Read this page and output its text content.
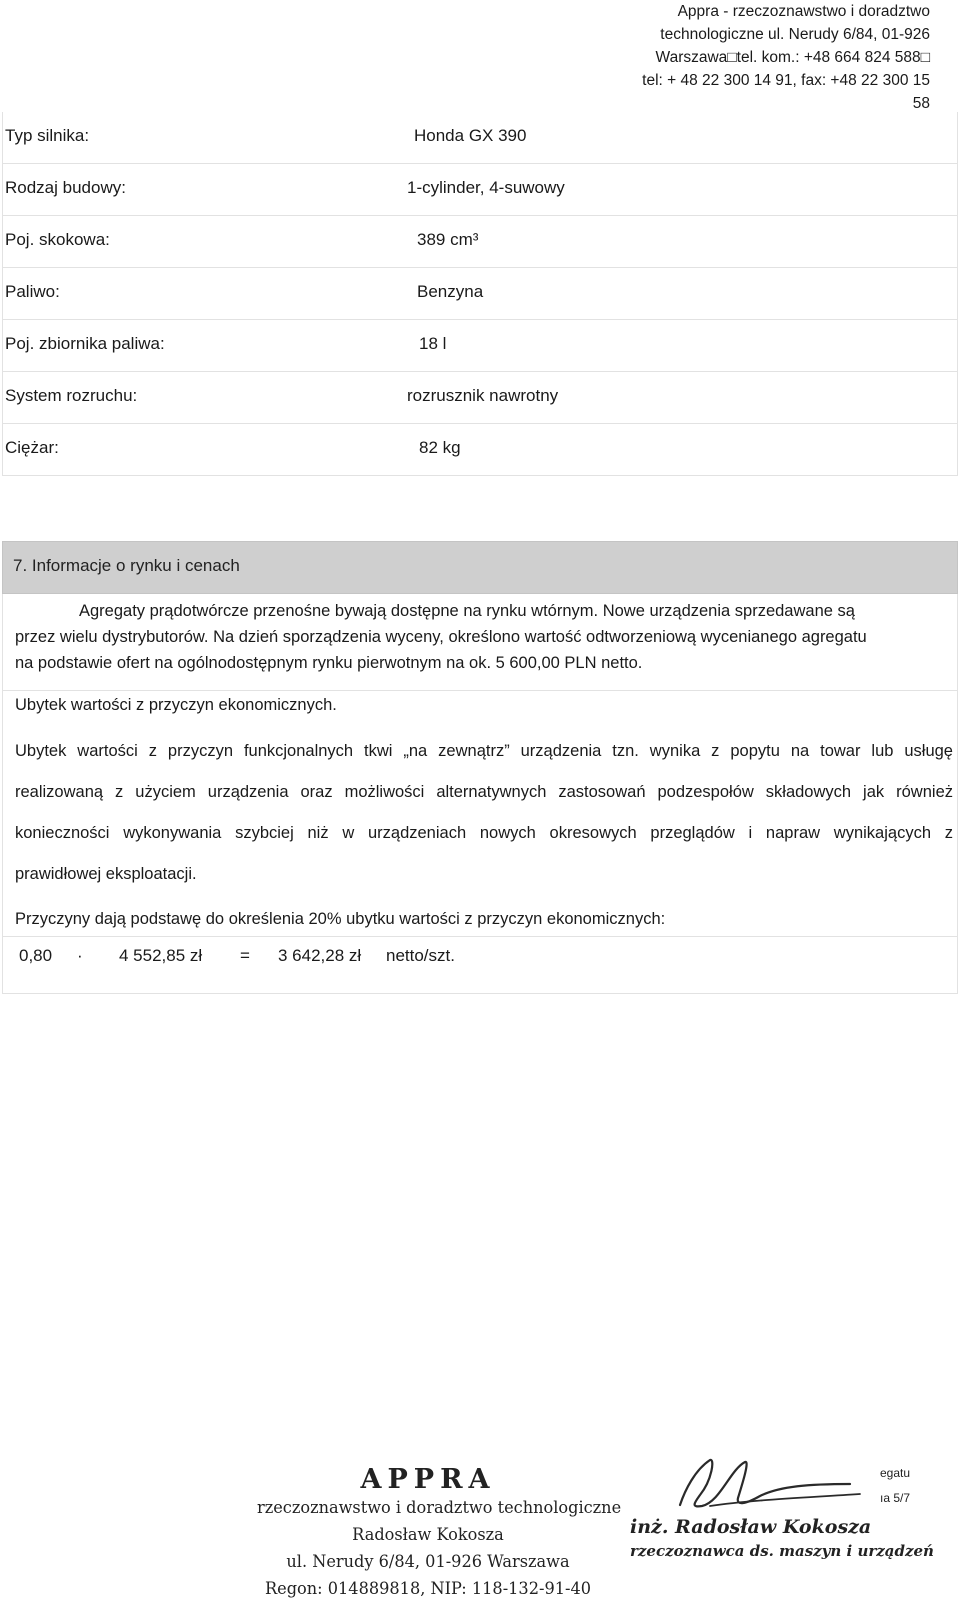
Appra - rzeczoznawstwo i doradztwo
technologiczne ul. Nerudy 6/84, 01-926
Warszawa□tel. kom.: +48 664 824 588□
tel: + 48 22 300 14 91, fax: +48 22 300 15
58
Typ silnika:	Honda GX 390
Rodzaj budowy:	1-cylinder, 4-suwowy
Poj. skokowa:	389 cm³
Paliwo:	Benzyna
Poj. zbiornika paliwa:	18 l
System rozruchu:	rozrusznik nawrotny
Ciężar:	82 kg
7. Informacje o rynku i cenach
Agregaty prądotwórcze przenośne bywają dostępne na rynku wtórnym. Nowe urządzenia sprzedawane są
przez wielu dystrybutorów. Na dzień sporządzenia wyceny, określono wartość odtworzeniową wycenianego agregatu
na podstawie ofert na ogólnodostępnym rynku pierwotnym na ok. 5 600,00 PLN netto.
Ubytek wartości z przyczyn ekonomicznych.
Ubytek wartości z przyczyn funkcjonalnych tkwi „na zewnątrz” urządzenia tzn. wynika z popytu na towar lub usługę
realizowaną z użyciem urządzenia oraz możliwości alternatywnych zastosowań podzespołów składowych jak również
konieczności wykonywania szybciej niż w urządzeniach nowych okresowych przeglądów i napraw wynikających z
prawidłowej eksploatacji.
Przyczyny dają podstawę do określenia 20% ubytku wartości z przyczyn ekonomicznych:
0,80 · 4 552,85 zł = 3 642,28 zł netto/szt.
egatu
ıa 5/7
APPRA
rzeczoznawstwo i doradztwo technologiczne
Radosław Kokosza
ul. Nerudy 6/84, 01-926 Warszawa
Regon: 014889818, NIP: 118-132-91-40
inż. Radosław Kokosza
rzeczoznawca ds. maszyn i urządzeń
